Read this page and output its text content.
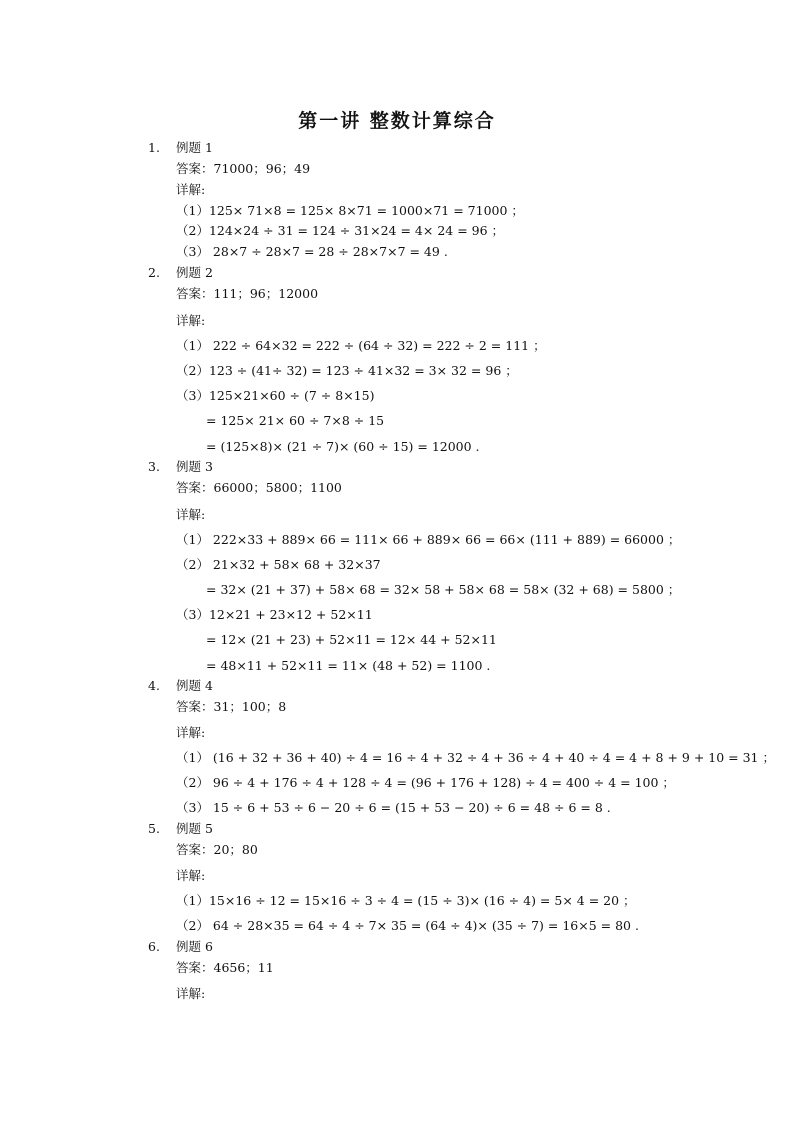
第一讲 整数计算综合
1. 例题 1
答案：71000；96；49
详解:
（1）125× 71×8 = 125× 8×71 = 1000×71 = 71000 ；
（2）124×24 ÷ 31 = 124 ÷ 31×24 = 4× 24 = 96 ；
（3） 28×7 ÷ 28×7 = 28 ÷ 28×7×7 = 49 .
2. 例题 2
答案：111；96；12000
详解:
（1） 222 ÷ 64×32 = 222 ÷ (64 ÷ 32) = 222 ÷ 2 = 111 ；
（2）123 ÷ (41÷ 32) = 123 ÷ 41×32 = 3× 32 = 96 ；
（3）125×21×60 ÷ (7 ÷ 8×15)
= 125× 21× 60 ÷ 7×8 ÷ 15
= (125×8)× (21 ÷ 7)× (60 ÷ 15) = 12000 .
3. 例题 3
答案：66000；5800；1100
详解:
（1） 222×33 + 889× 66 = 111× 66 + 889× 66 = 66× (111 + 889) = 66000 ；
（2） 21×32 + 58× 68 + 32×37
= 32× (21 + 37) + 58× 68 = 32× 58 + 58× 68 = 58× (32 + 68) = 5800 ；
（3）12×21 + 23×12 + 52×11
= 12× (21 + 23) + 52×11 = 12× 44 + 52×11
= 48×11 + 52×11 = 11× (48 + 52) = 1100 .
4. 例题 4
答案：31；100；8
详解:
（1） (16 + 32 + 36 + 40) ÷ 4 = 16 ÷ 4 + 32 ÷ 4 + 36 ÷ 4 + 40 ÷ 4 = 4 + 8 + 9 + 10 = 31 ；
（2） 96 ÷ 4 + 176 ÷ 4 + 128 ÷ 4 = (96 + 176 + 128) ÷ 4 = 400 ÷ 4 = 100 ；
（3） 15 ÷ 6 + 53 ÷ 6 − 20 ÷ 6 = (15 + 53 − 20) ÷ 6 = 48 ÷ 6 = 8 .
5. 例题 5
答案：20；80
详解:
（1）15×16 ÷ 12 = 15×16 ÷ 3 ÷ 4 = (15 ÷ 3)× (16 ÷ 4) = 5× 4 = 20 ；
（2） 64 ÷ 28×35 = 64 ÷ 4 ÷ 7× 35 = (64 ÷ 4)× (35 ÷ 7) = 16×5 = 80 .
6. 例题 6
答案：4656；11
详解:
